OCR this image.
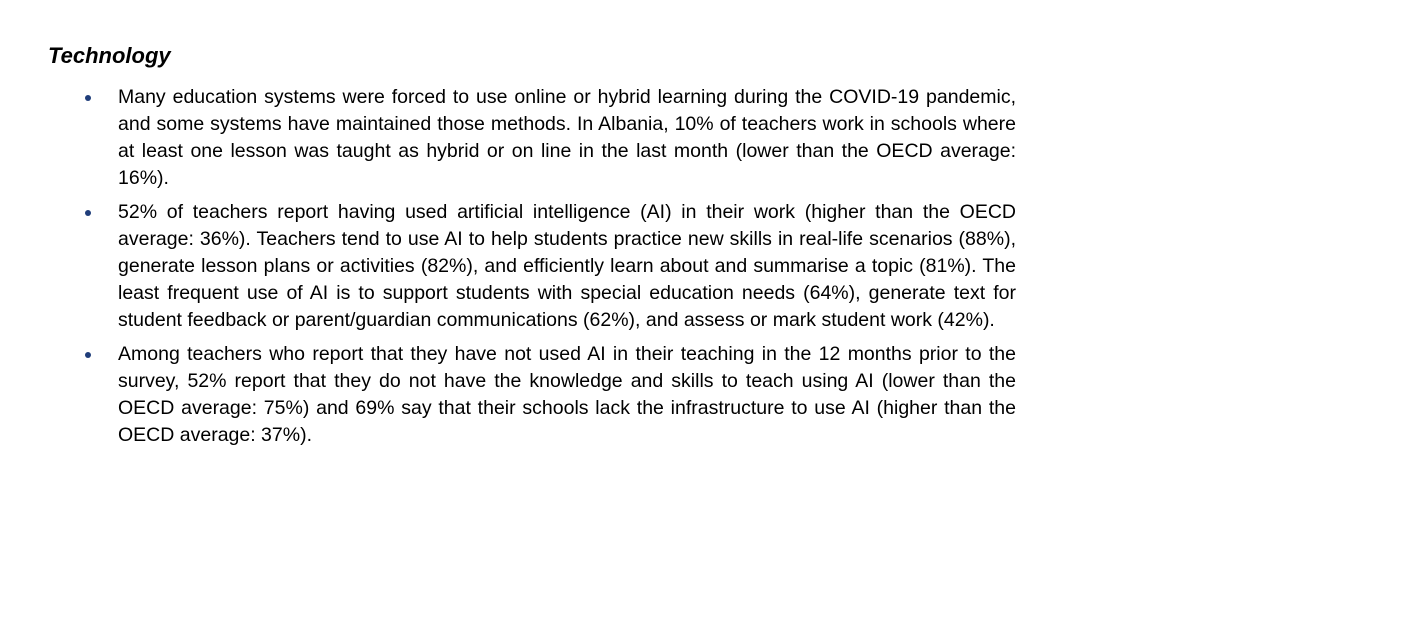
Technology
Many education systems were forced to use online or hybrid learning during the COVID-19 pandemic, and some systems have maintained those methods. In Albania, 10% of teachers work in schools where at least one lesson was taught as hybrid or on line in the last month (lower than the OECD average: 16%).
52% of teachers report having used artificial intelligence (AI) in their work (higher than the OECD average: 36%). Teachers tend to use AI to help students practice new skills in real-life scenarios (88%), generate lesson plans or activities (82%), and efficiently learn about and summarise a topic (81%). The least frequent use of AI is to support students with special education needs (64%), generate text for student feedback or parent/guardian communications (62%), and assess or mark student work (42%).
Among teachers who report that they have not used AI in their teaching in the 12 months prior to the survey, 52% report that they do not have the knowledge and skills to teach using AI (lower than the OECD average: 75%) and 69% say that their schools lack the infrastructure to use AI (higher than the OECD average: 37%).
